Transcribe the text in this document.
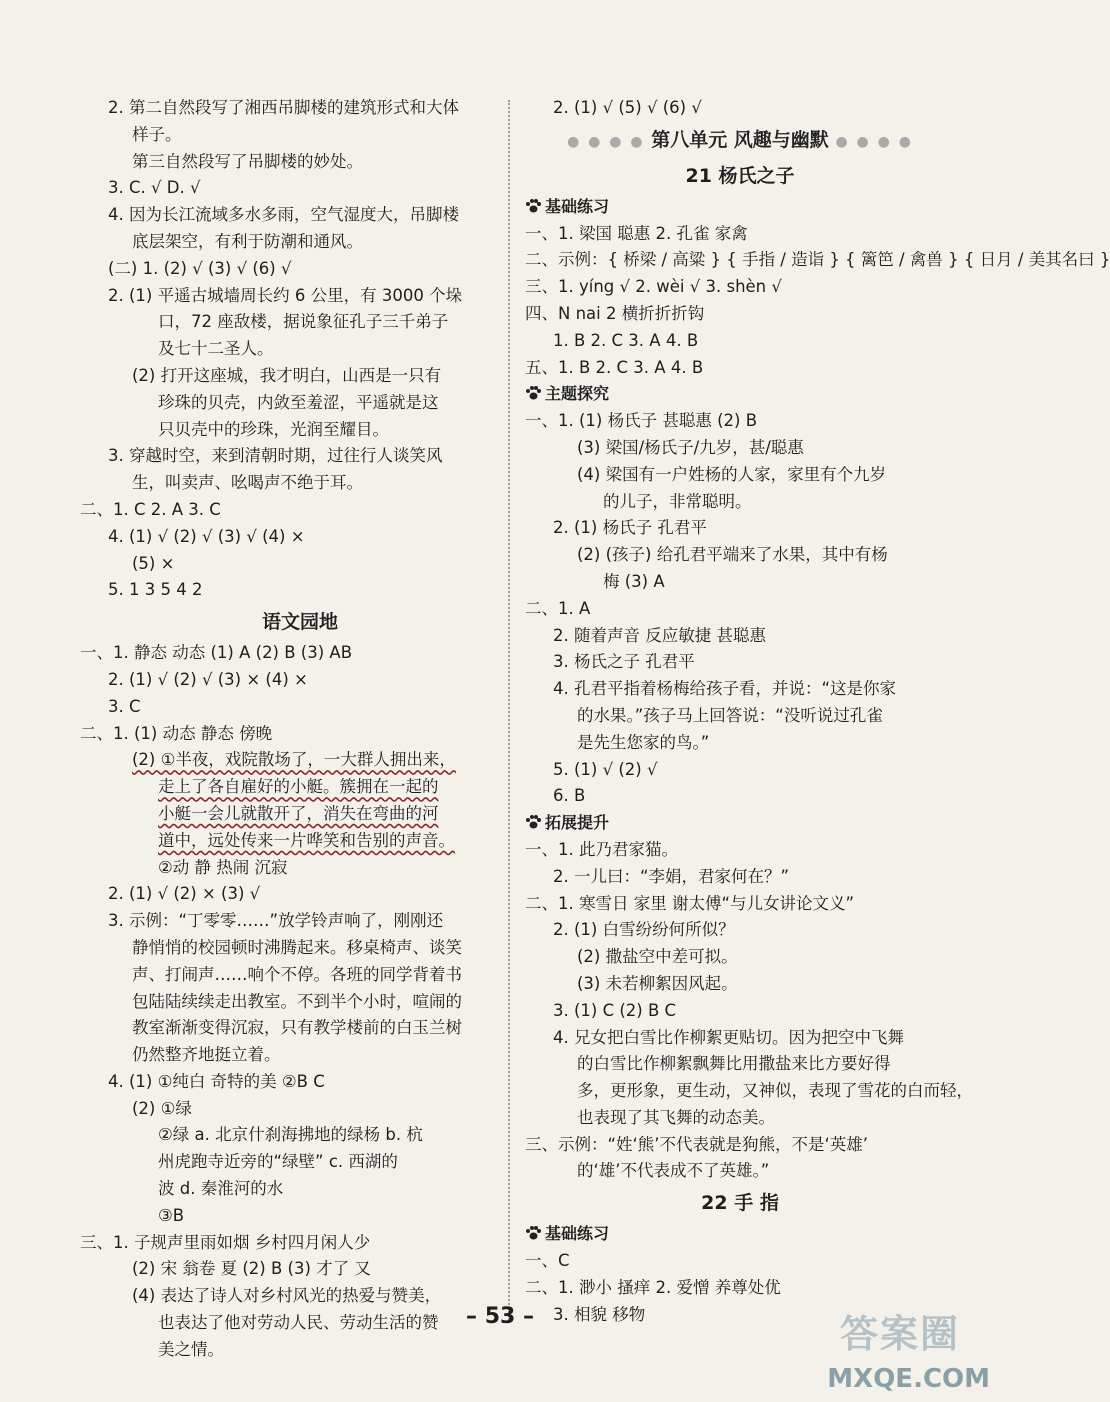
2. 第二自然段写了湘西吊脚楼的建筑形式和大体
样子。
第三自然段写了吊脚楼的妙处。
3. C. √ D. √
4. 因为长江流域多水多雨，空气湿度大，吊脚楼
底层架空，有利于防潮和通风。
(二) 1. (2) √ (3) √ (6) √
2. (1) 平遥古城墙周长约 6 公里，有 3000 个垛
口，72 座敌楼，据说象征孔子三千弟子
及七十二圣人。
(2) 打开这座城，我才明白，山西是一只有
珍珠的贝壳，内敛至羞涩，平遥就是这
只贝壳中的珍珠，光润至耀目。
3. 穿越时空，来到清朝时期，过往行人谈笑风
生，叫卖声、吆喝声不绝于耳。
二、1. C 2. A 3. C
4. (1) √ (2) √ (3) √ (4) ×
(5) ×
5. 1 3 5 4 2
语文园地
一、1. 静态 动态 (1) A (2) B (3) AB
2. (1) √ (2) √ (3) × (4) ×
3. C
二、1. (1) 动态 静态 傍晚
(2) ①半夜，戏院散场了，一大群人拥出来，
走上了各自雇好的小艇。簇拥在一起的
小艇一会儿就散开了，消失在弯曲的河
道中，远处传来一片哗笑和告别的声音。
②动 静 热闹 沉寂
2. (1) √ (2) × (3) √
3. 示例：“丁零零……”放学铃声响了，刚刚还
静悄悄的校园顿时沸腾起来。移桌椅声、谈笑
声、打闹声……响个不停。各班的同学背着书
包陆陆续续走出教室。不到半个小时，喧闹的
教室渐渐变得沉寂，只有教学楼前的白玉兰树
仍然整齐地挺立着。
4. (1) ①纯白 奇特的美 ②B C
(2) ①绿
②绿 a. 北京什刹海拂地的绿杨 b. 杭
州虎跑寺近旁的“绿壁” c. 西湖的
波 d. 秦淮河的水
③B
三、1. 子规声里雨如烟 乡村四月闲人少
(2) 宋 翁卷 夏 (2) B (3) 才了 又
(4) 表达了诗人对乡村风光的热爱与赞美，
也表达了他对劳动人民、劳动生活的赞
美之情。
2. (1) √ (5) √ (6) √
● ● ● ● 第八单元 风趣与幽默 ● ● ● ●
21 杨氏之子
基础练习
一、1. 梁国 聪惠 2. 孔雀 家禽
二、示例：{ 桥梁 / 高粱 } { 手指 / 造诣 } { 篱笆 / 禽兽 } { 日月 / 美其名曰 }
三、1. yíng √ 2. wèi √ 3. shèn √
四、N nai 2 横折折折钩
1. B 2. C 3. A 4. B
五、1. B 2. C 3. A 4. B
主题探究
一、1. (1) 杨氏子 甚聪惠 (2) B
(3) 梁国/杨氏子/九岁，甚/聪惠
(4) 梁国有一户姓杨的人家，家里有个九岁
的儿子，非常聪明。
2. (1) 杨氏子 孔君平
(2) (孩子) 给孔君平端来了水果，其中有杨
梅 (3) A
二、1. A
2. 随着声音 反应敏捷 甚聪惠
3. 杨氏之子 孔君平
4. 孔君平指着杨梅给孩子看，并说：“这是你家
的水果。”孩子马上回答说：“没听说过孔雀
是先生您家的鸟。”
5. (1) √ (2) √
6. B
拓展提升
一、1. 此乃君家猫。
2. 一儿曰：“李娟，君家何在？”
二、1. 寒雪日 家里 谢太傅“与儿女讲论文义”
2. (1) 白雪纷纷何所似？
(2) 撒盐空中差可拟。
(3) 未若柳絮因风起。
3. (1) C (2) B C
4. 兄女把白雪比作柳絮更贴切。因为把空中飞舞
的白雪比作柳絮飘舞比用撒盐来比方要好得
多，更形象，更生动，又神似，表现了雪花的白而轻，
也表现了其飞舞的动态美。
三、示例：“姓‘熊’不代表就是狗熊，不是‘英雄’
的‘雄’不代表成不了英雄。”
22 手 指
基础练习
一、C
二、1. 渺小 搔痒 2. 爱憎 养尊处优
3. 相貌 移物
– 53 –	答案圈
MXQE.COM
